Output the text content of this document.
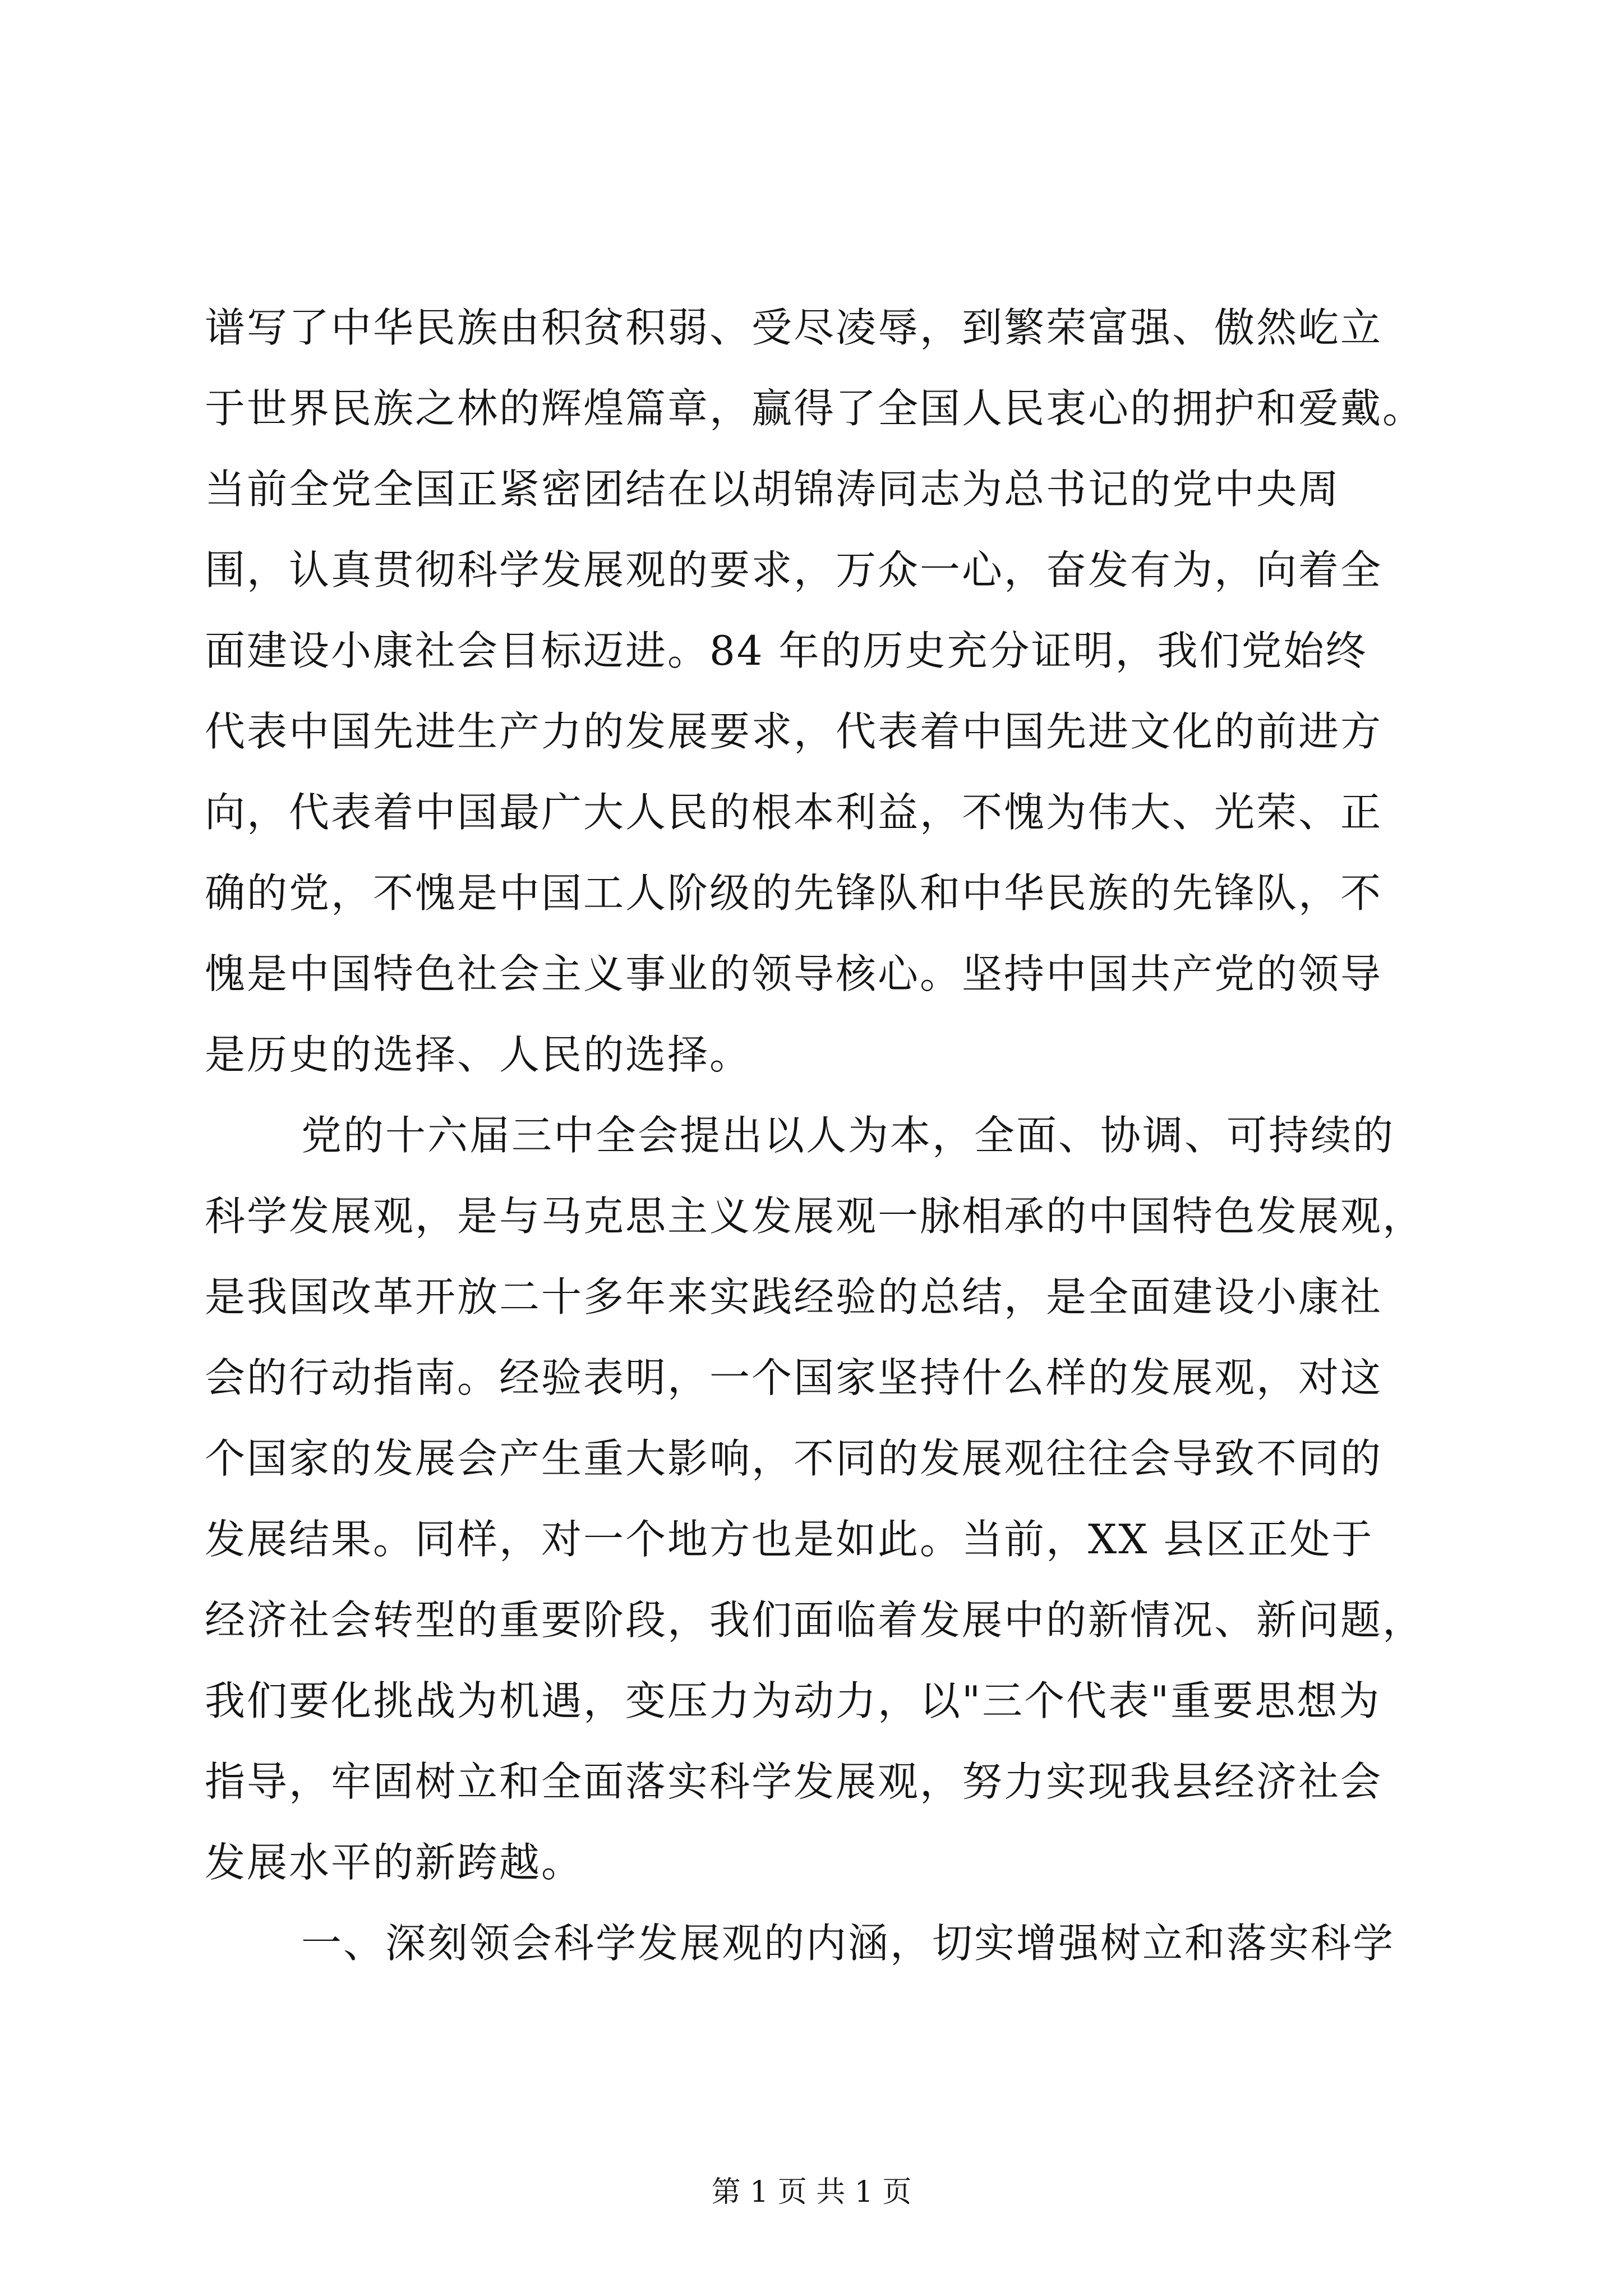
谱写了中华民族由积贫积弱、受尽凌辱，到繁荣富强、傲然屹立
于世界民族之林的辉煌篇章，赢得了全国人民衷心的拥护和爱戴。
当前全党全国正紧密团结在以胡锦涛同志为总书记的党中央周
围，认真贯彻科学发展观的要求，万众一心，奋发有为，向着全
面建设小康社会目标迈进。84 年的历史充分证明，我们党始终
代表中国先进生产力的发展要求，代表着中国先进文化的前进方
向，代表着中国最广大人民的根本利益，不愧为伟大、光荣、正
确的党，不愧是中国工人阶级的先锋队和中华民族的先锋队，不
愧是中国特色社会主义事业的领导核心。坚持中国共产党的领导
是历史的选择、人民的选择。
党的十六届三中全会提出以人为本，全面、协调、可持续的
科学发展观，是与马克思主义发展观一脉相承的中国特色发展观，
是我国改革开放二十多年来实践经验的总结，是全面建设小康社
会的行动指南。经验表明，一个国家坚持什么样的发展观，对这
个国家的发展会产生重大影响，不同的发展观往往会导致不同的
发展结果。同样，对一个地方也是如此。当前，XX 县区正处于
经济社会转型的重要阶段，我们面临着发展中的新情况、新问题，
我们要化挑战为机遇，变压力为动力，以"三个代表"重要思想为
指导，牢固树立和全面落实科学发展观，努力实现我县经济社会
发展水平的新跨越。
一、深刻领会科学发展观的内涵，切实增强树立和落实科学
第 1 页 共 1 页
